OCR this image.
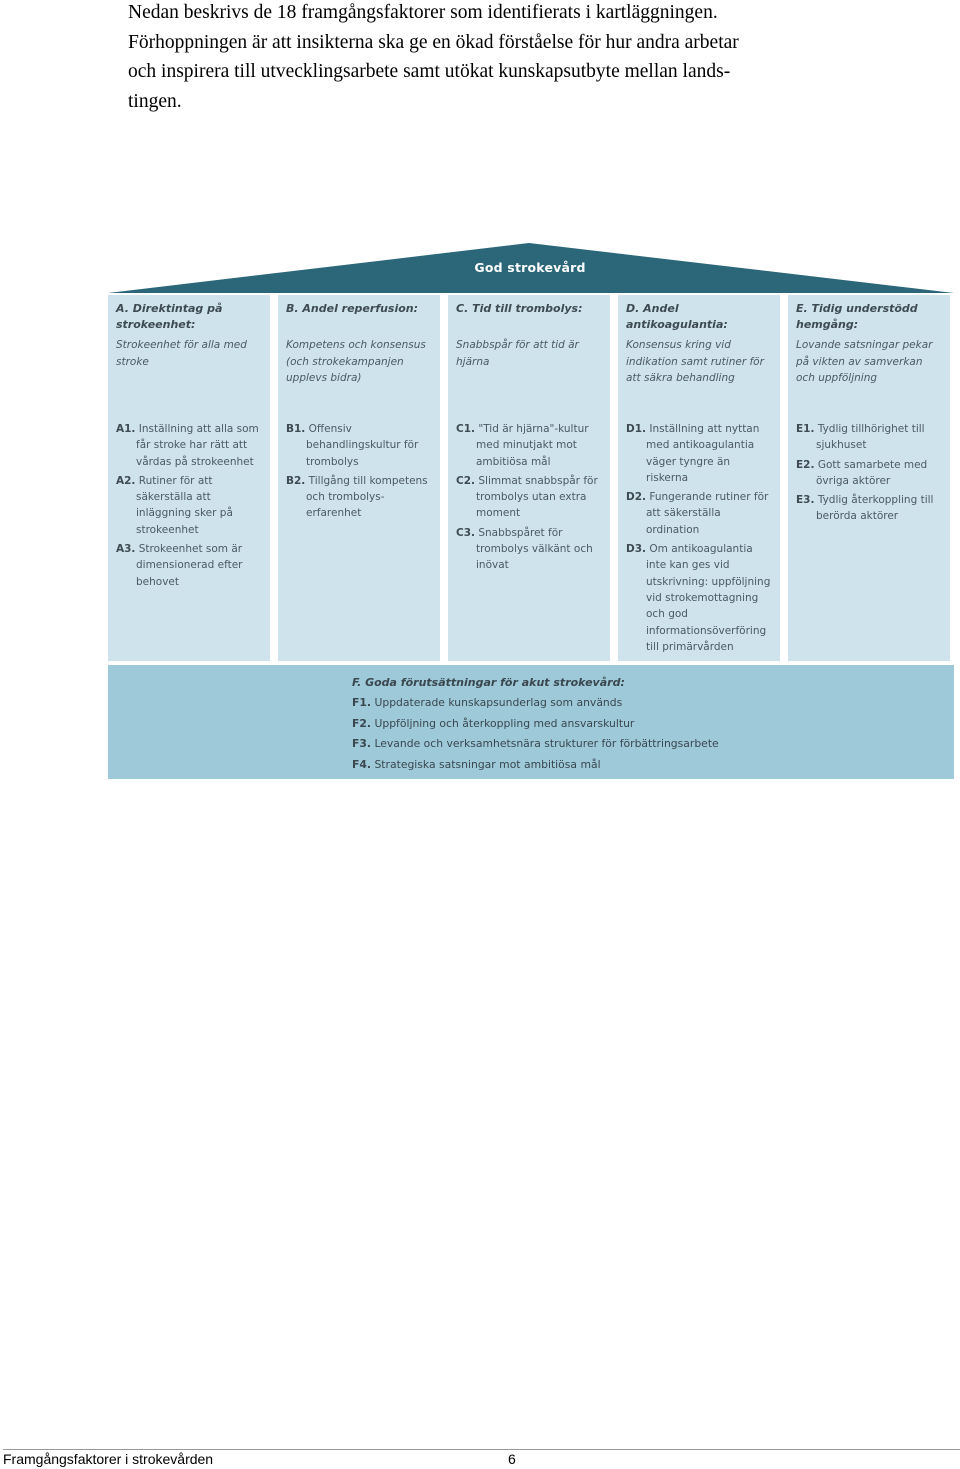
Nedan beskrivs de 18 framgångsfaktorer som identifierats i kartläggningen.
Förhoppningen är att insikterna ska ge en ökad förståelse för hur andra arbetar
och inspirera till utvecklingsarbete samt utökat kunskapsutbyte mellan lands-
tingen.

God strokevård
A. Direktintag på strokeenhet:
Strokeenhet för alla med stroke
A1. Inställning att alla som får stroke har rätt att vårdas på strokeenhet
A2. Rutiner för att säkerställa att inläggning sker på strokeenhet
A3. Strokeenhet som är dimensionerad efter behovet
B. Andel reperfusion:
Kompetens och konsensus (och strokekampanjen upplevs bidra)
B1. Offensiv behandlingskultur för trombolys
B2. Tillgång till kompetens och trombolys-erfarenhet
C. Tid till trombolys:
Snabbspår för att tid är hjärna
C1. "Tid är hjärna"-kultur med minutjakt mot ambitiösa mål
C2. Slimmat snabbspår för trombolys utan extra moment
C3. Snabbspåret för trombolys välkänt och inövat
D. Andel antikoagulantia:
Konsensus kring vid indikation samt rutiner för att säkra behandling
D1. Inställning att nyttan med antikoagulantia väger tyngre än riskerna
D2. Fungerande rutiner för att säkerställa ordination
D3. Om antikoagulantia inte kan ges vid utskrivning: uppföljning vid strokemottagning och god informationsöverföring till primärvården
E. Tidig understödd hemgång:
Lovande satsningar pekar på vikten av samverkan och uppföljning
E1. Tydlig tillhörighet till sjukhuset
E2. Gott samarbete med övriga aktörer
E3. Tydlig återkoppling till berörda aktörer
F. Goda förutsättningar för akut strokevård:
F1. Uppdaterade kunskapsunderlag som används
F2. Uppföljning och återkoppling med ansvarskultur
F3. Levande och verksamhetsnära strukturer för förbättringsarbete
F4. Strategiska satsningar mot ambitiösa mål
Framgångsfaktorer i strokevården	6
